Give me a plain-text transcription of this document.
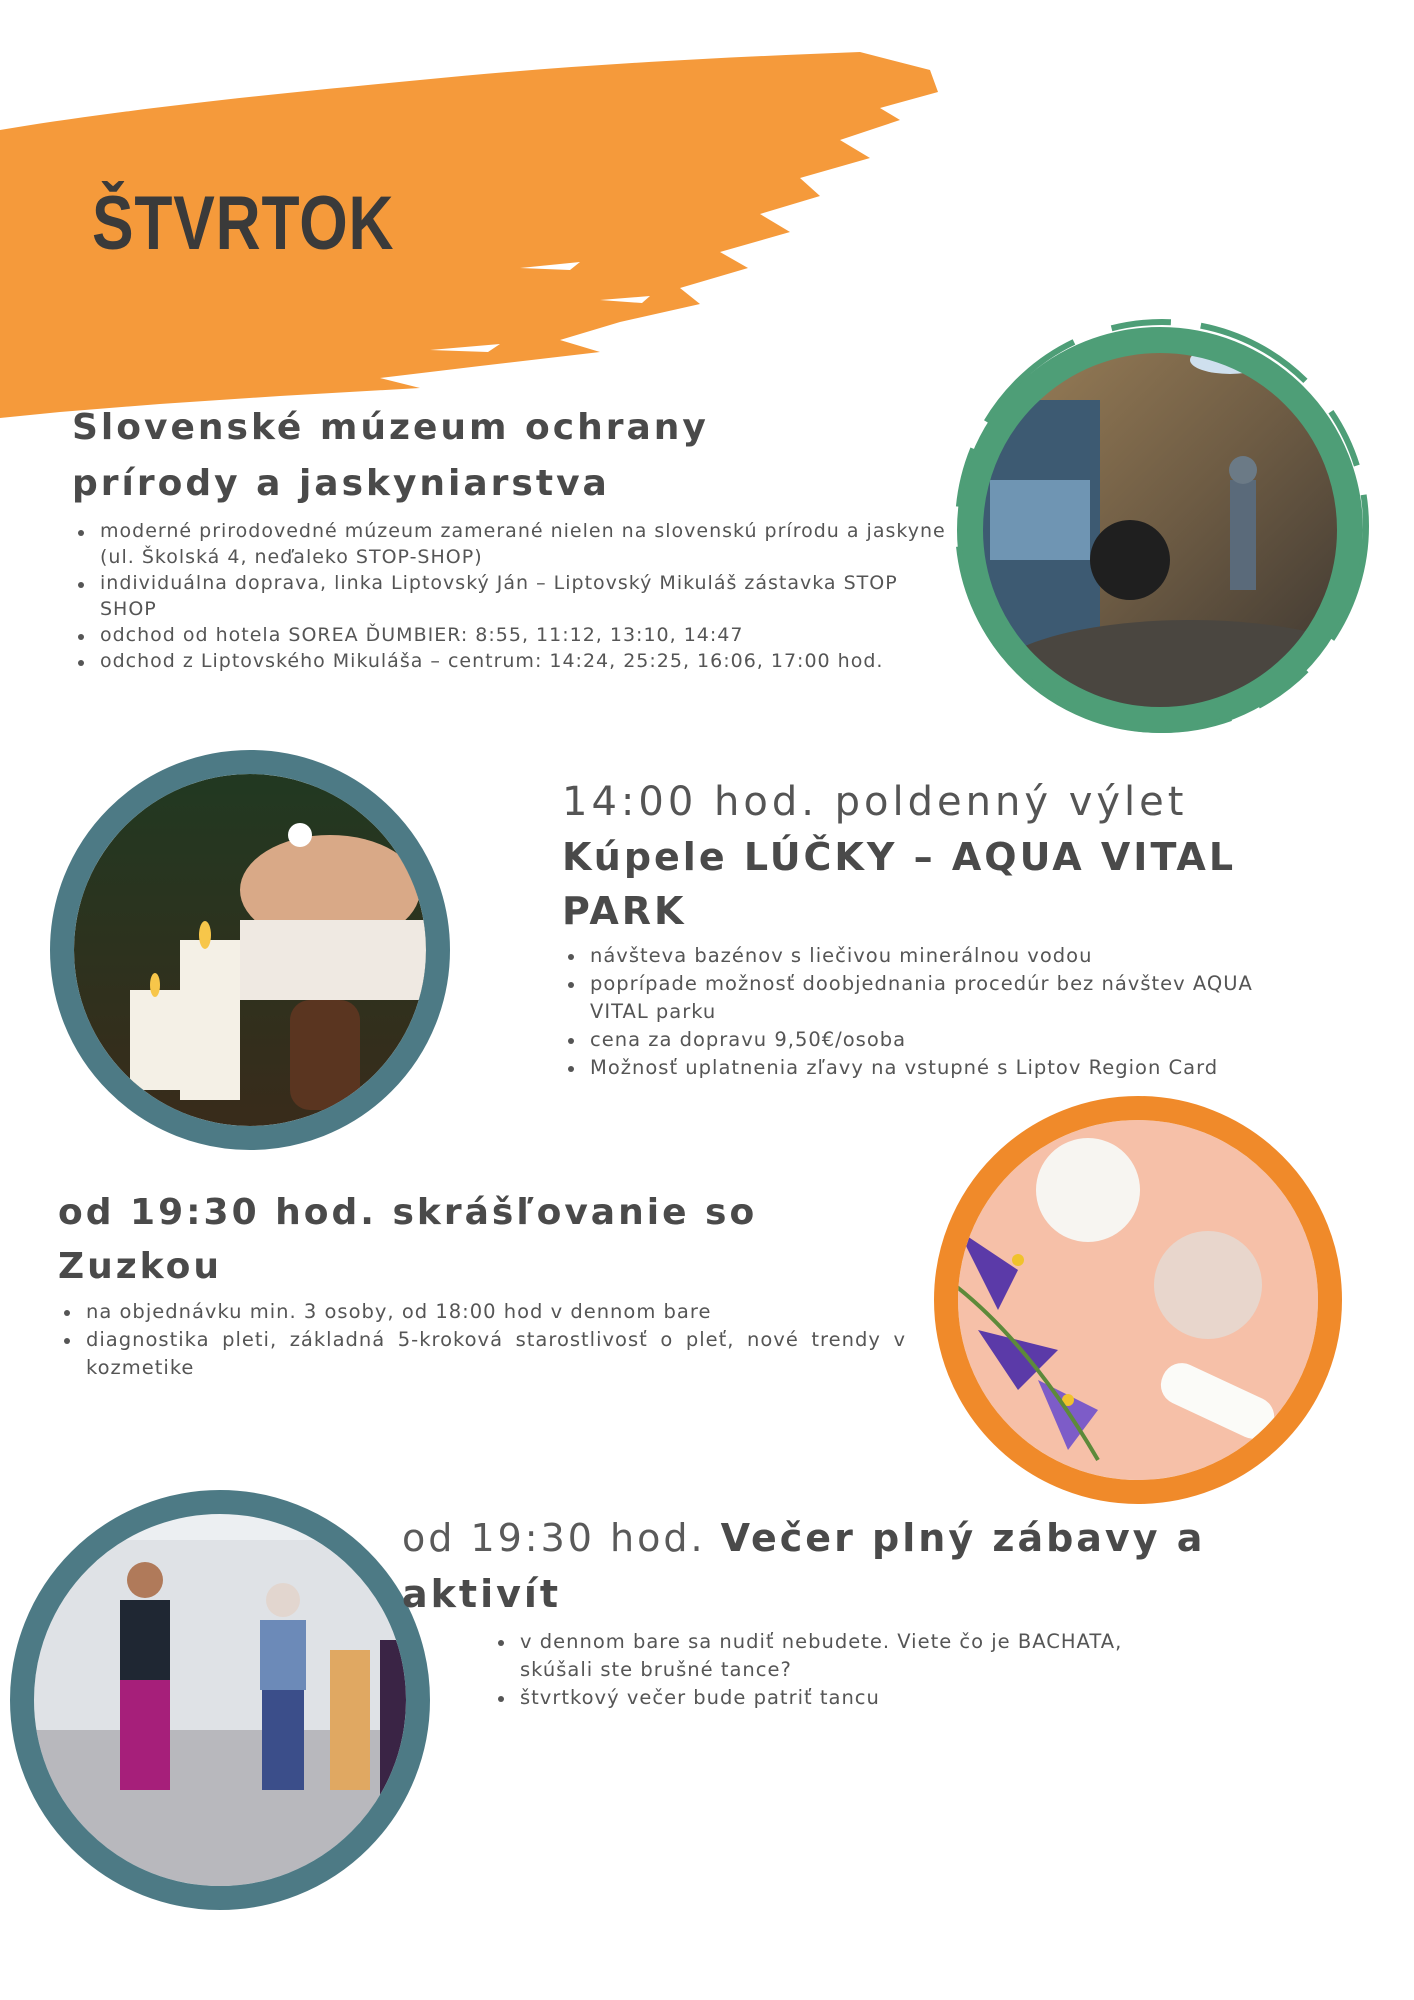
ŠTVRTOK
Slovenské múzeum ochrany prírody a jaskyniarstva
moderné prirodovedné múzeum zamerané nielen na slovenskú prírodu a jaskyne (ul. Školská 4, neďaleko STOP-SHOP)
individuálna doprava, linka Liptovský Ján – Liptovský Mikuláš zástavka STOP SHOP
odchod od hotela SOREA ĎUMBIER: 8:55, 11:12, 13:10, 14:47
odchod z Liptovského Mikuláša – centrum: 14:24, 25:25, 16:06, 17:00 hod.
14:00 hod. poldenný výlet
Kúpele LÚČKY – AQUA VITAL PARK
návšteva bazénov s liečivou minerálnou vodou
poprípade možnosť doobjednania procedúr bez návštev AQUA VITAL parku
cena za dopravu 9,50€/osoba
Možnosť uplatnenia zľavy na vstupné s Liptov Region Card
od 19:30 hod. skrášľovanie so Zuzkou
na objednávku min. 3 osoby, od 18:00 hod v dennom bare
diagnostika pleti, základná 5-kroková starostlivosť o pleť, nové trendy v kozmetike
od 19:30 hod. Večer plný zábavy a aktivít
v dennom bare sa nudiť nebudete. Viete čo je BACHATA, skúšali ste brušné tance?
štvrtkový večer bude patriť tancu
